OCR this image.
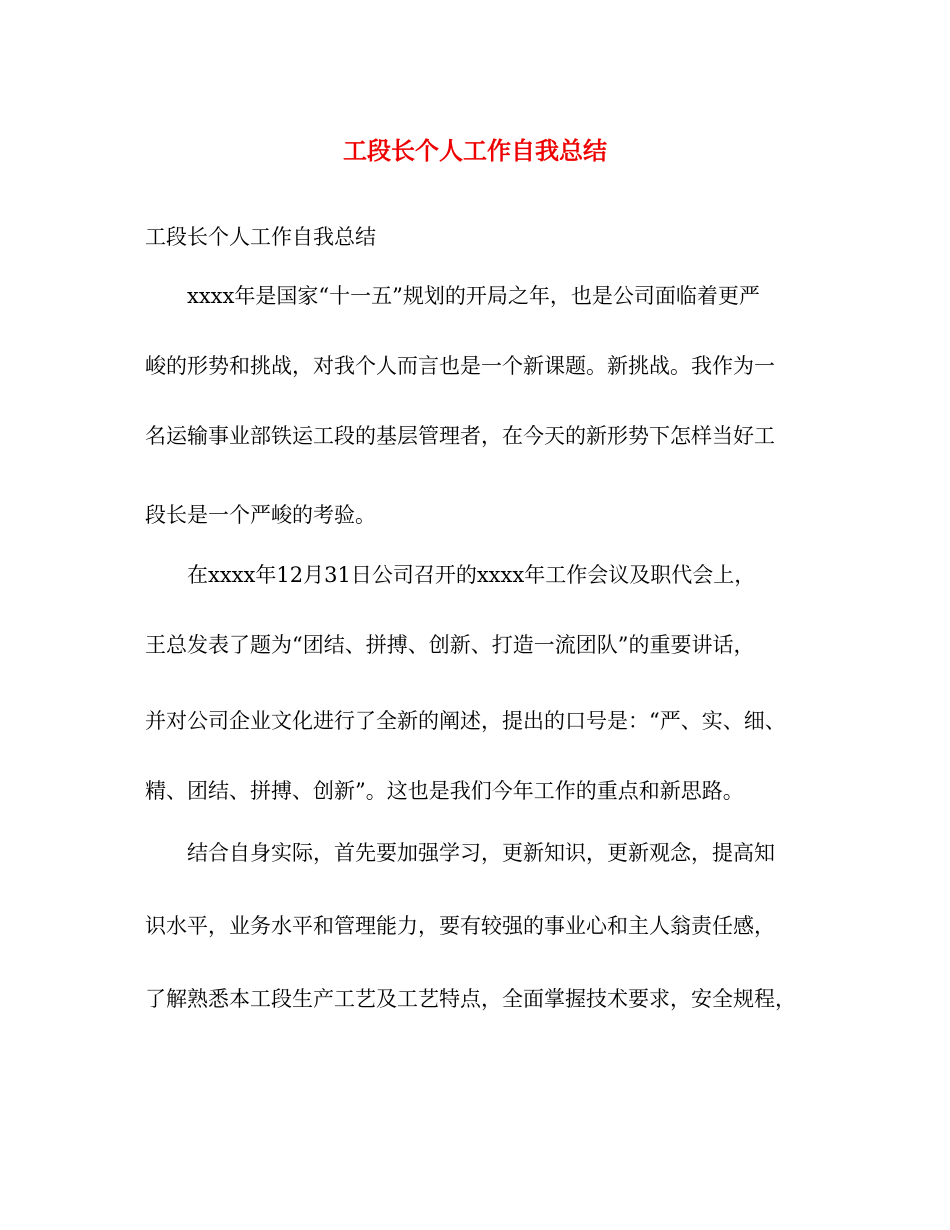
工段长个人工作自我总结
工段长个人工作自我总结
xxxx年是国家“十一五”规划的开局之年，也是公司面临着更严
峻的形势和挑战，对我个人而言也是一个新课题。新挑战。我作为一
名运输事业部铁运工段的基层管理者，在今天的新形势下怎样当好工
段长是一个严峻的考验。
在xxxx年12月31日公司召开的xxxx年工作会议及职代会上，
王总发表了题为“团结、拼搏、创新、打造一流团队”的重要讲话，
并对公司企业文化进行了全新的阐述，提出的口号是：“严、实、细、
精、团结、拼搏、创新”。这也是我们今年工作的重点和新思路。
结合自身实际，首先要加强学习，更新知识，更新观念，提高知
识水平，业务水平和管理能力，要有较强的事业心和主人翁责任感，
了解熟悉本工段生产工艺及工艺特点，全面掌握技术要求，安全规程，
